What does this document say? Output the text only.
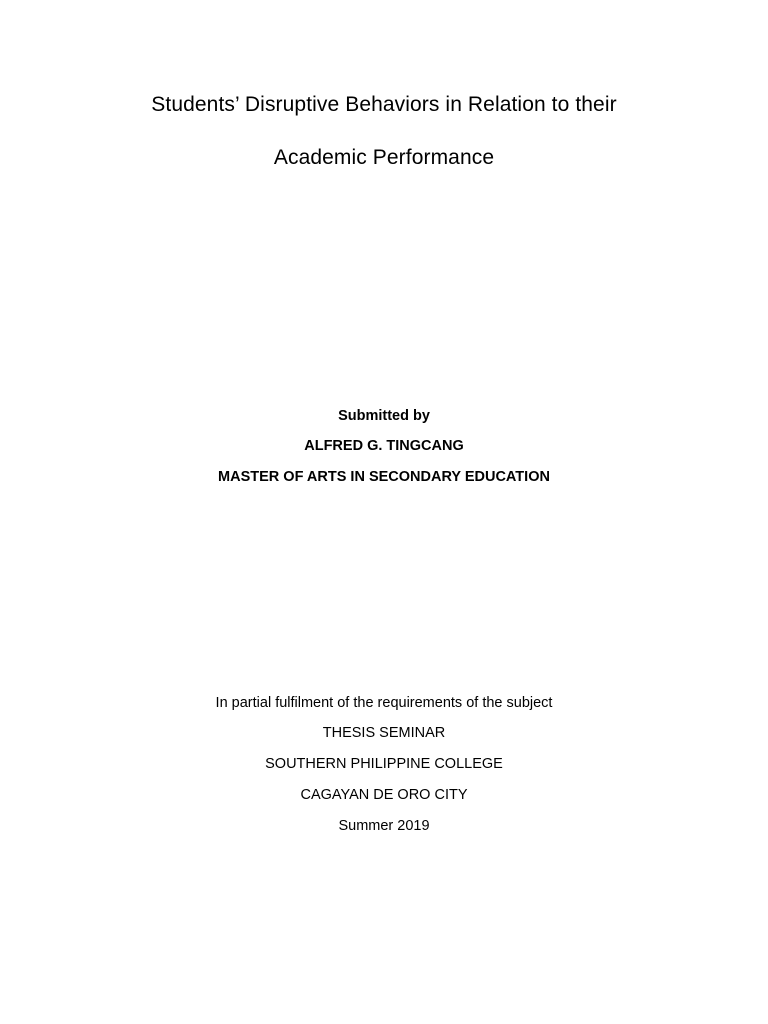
Students’ Disruptive Behaviors in Relation to their
Academic Performance

Submitted by

ALFRED G. TINGCANG

MASTER OF ARTS IN SECONDARY EDUCATION

In partial fulfilment of the requirements of the subject

THESIS SEMINAR

SOUTHERN PHILIPPINE COLLEGE

CAGAYAN DE ORO CITY

Summer 2019
